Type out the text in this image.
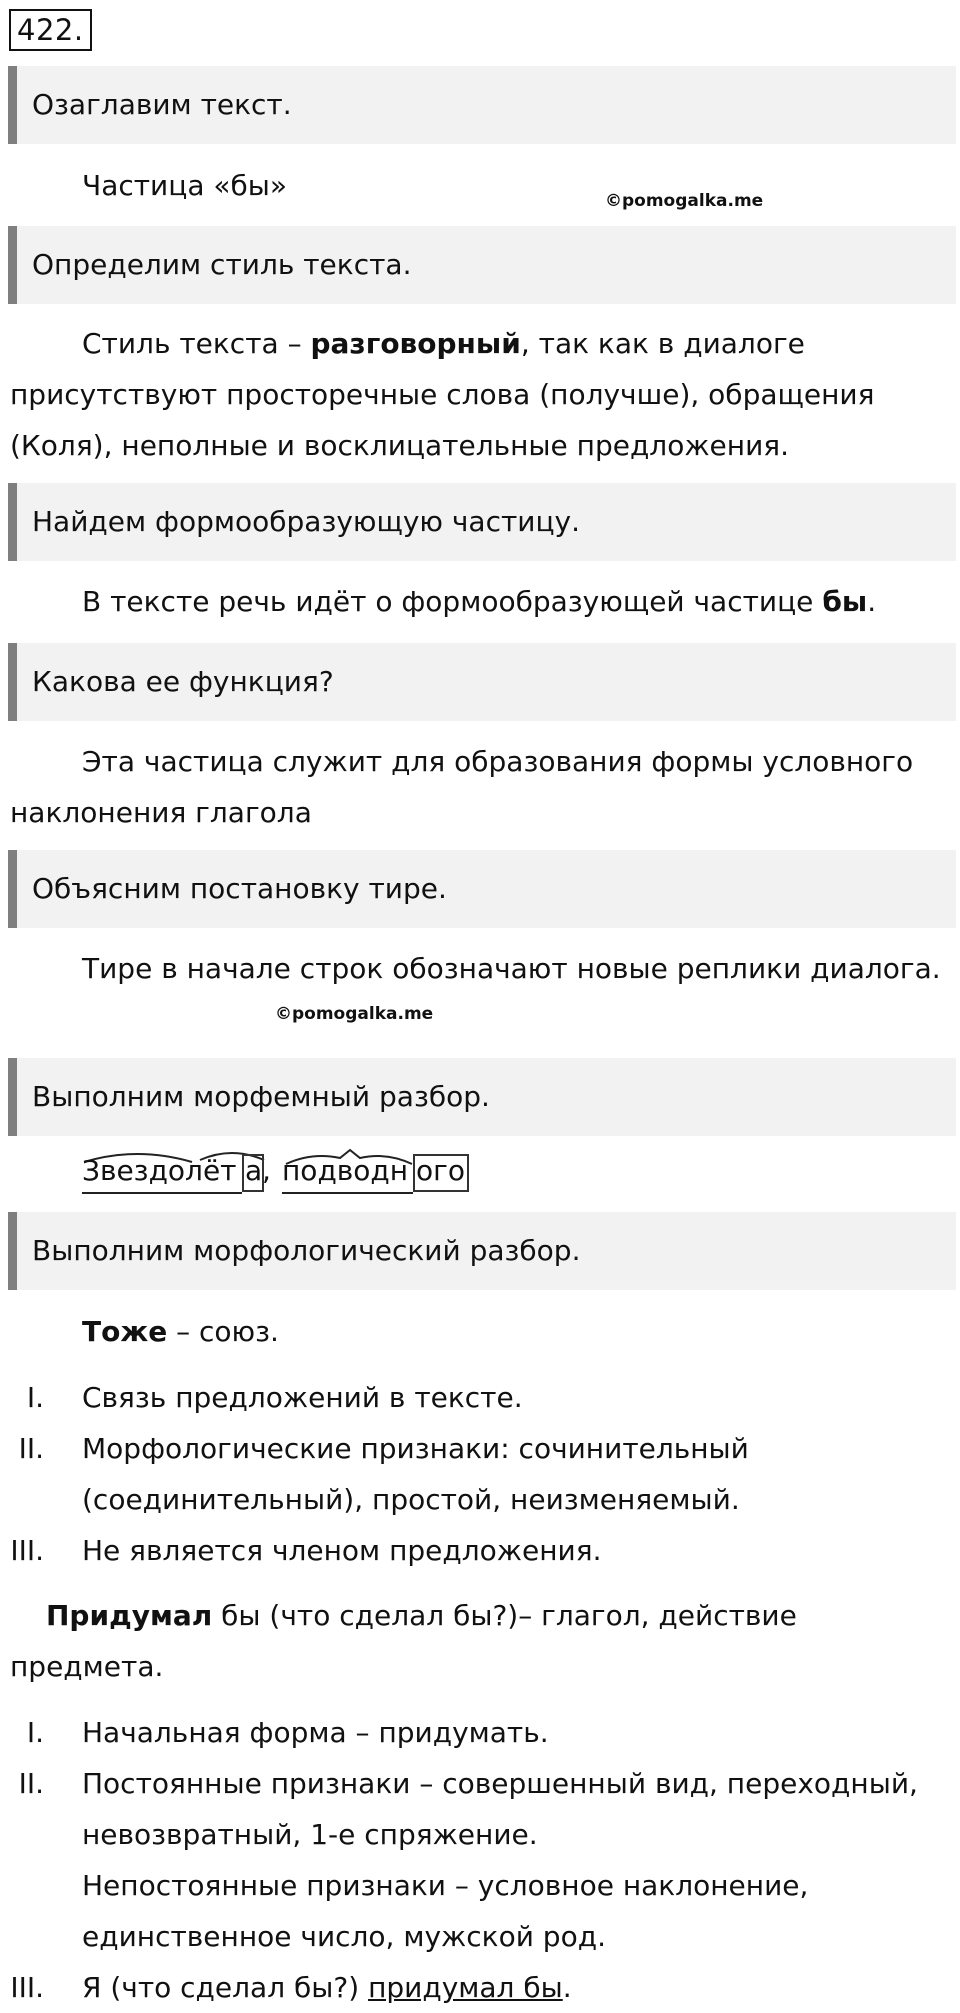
422.
Озаглавим текст.
Частица «бы»	©pomogalka.me
Определим стиль текста.

Стиль текста – разговорный, так как в диалоге присутствуют просторечные слова (получше), обращения (Коля), неполные и восклицательные предложения.

Найдем формообразующую частицу.

В тексте речь идёт о формообразующей частице бы.

Какова ее функция?

Эта частица служит для образования формы условного наклонения глагола

Объясним постановку тире.

Тире в начале строк обозначают новые реплики диалога.

©pomogalka.me
Выполним морфемный разбор.
Звездолёт а , подводн ого
Выполним морфологический разбор.
Тоже – союз.
I. Связь предложений в тексте.
II. Морфологические признаки: сочинительный (соединительный), простой, неизменяемый.
III. Не является членом предложения.

Придумал бы (что сделал бы?)– глагол, действие предмета.

I. Начальная форма – придумать.
II. Постоянные признаки – совершенный вид, переходный, невозвратный, 1-е спряжение.
Непостоянные признаки – условное наклонение, единственное число, мужской род.
III. Я (что сделал бы?) придумал бы.
